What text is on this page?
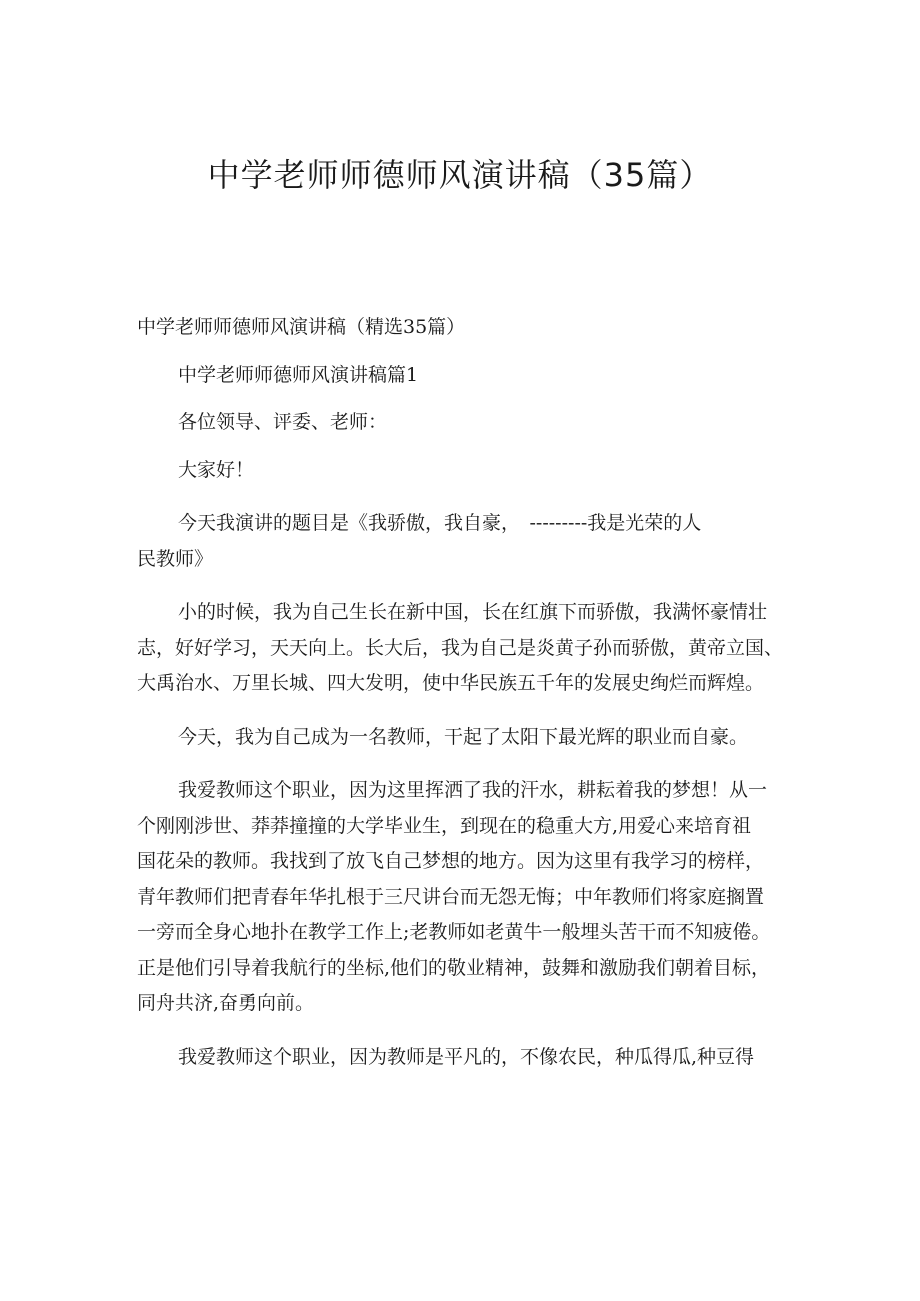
中学老师师德师风演讲稿（35篇）

中学老师师德师风演讲稿（精选35篇）

中学老师师德师风演讲稿篇1

各位领导、评委、老师：

大家好！

今天我演讲的题目是《我骄傲，我自豪，　---------我是光荣的人

民教师》

小的时候，我为自己生长在新中国，长在红旗下而骄傲，我满怀豪情壮

志，好好学习，天天向上。长大后，我为自己是炎黄子孙而骄傲，黄帝立国、

大禹治水、万里长城、四大发明，使中华民族五千年的发展史绚烂而辉煌。

今天，我为自己成为一名教师，干起了太阳下最光辉的职业而自豪。

我爱教师这个职业，因为这里挥洒了我的汗水，耕耘着我的梦想！从一

个刚刚涉世、莽莽撞撞的大学毕业生，到现在的稳重大方,用爱心来培育祖

国花朵的教师。我找到了放飞自己梦想的地方。因为这里有我学习的榜样，

青年教师们把青春年华扎根于三尺讲台而无怨无悔；中年教师们将家庭搁置

一旁而全身心地扑在教学工作上;老教师如老黄牛一般埋头苦干而不知疲倦。

正是他们引导着我航行的坐标,他们的敬业精神，鼓舞和激励我们朝着目标，

同舟共济,奋勇向前。

我爱教师这个职业，因为教师是平凡的，不像农民，种瓜得瓜,种豆得
